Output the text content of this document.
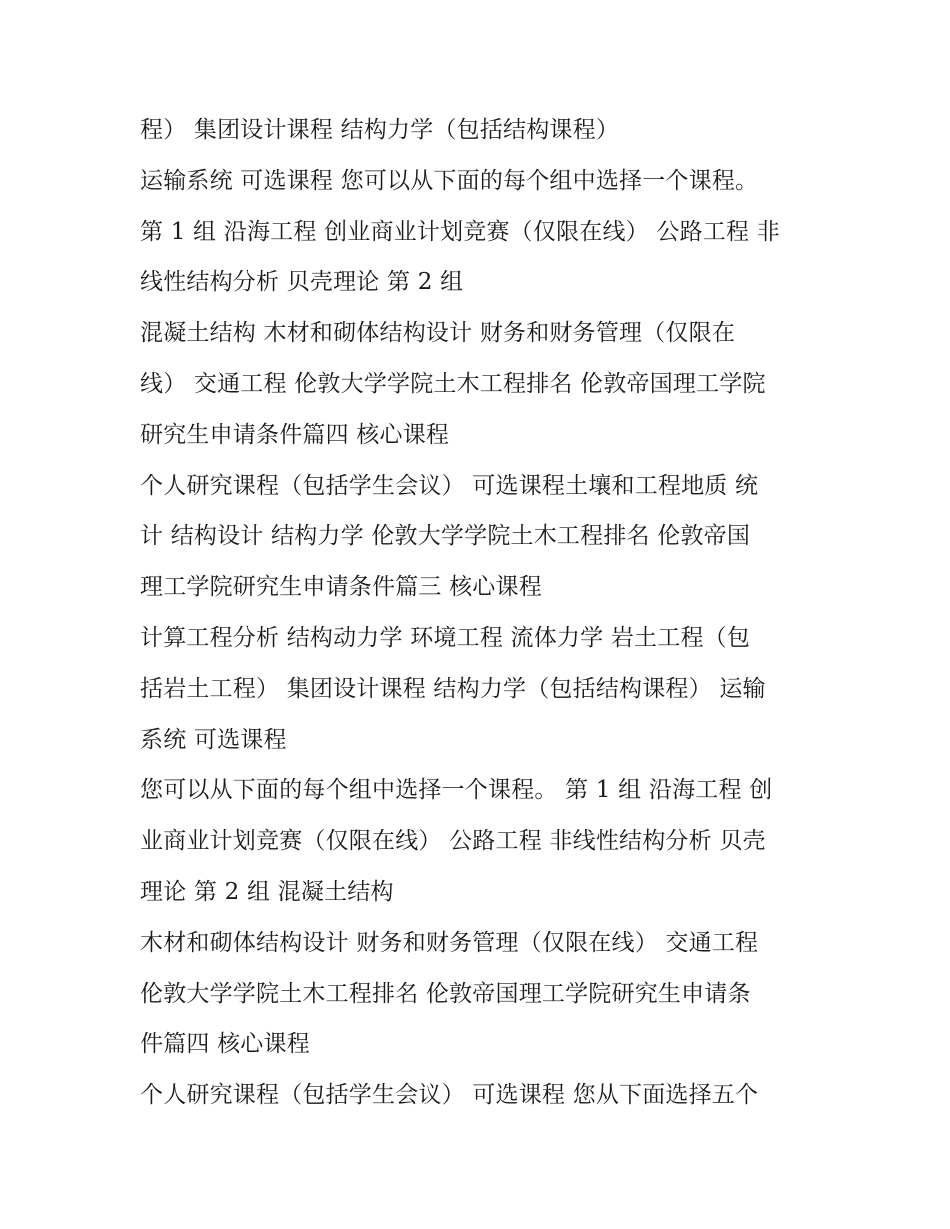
程） 集团设计课程 结构力学（包括结构课程）
运输系统 可选课程 您可以从下面的每个组中选择一个课程。
第 1 组 沿海工程 创业商业计划竞赛（仅限在线） 公路工程 非
线性结构分析 贝壳理论 第 2 组
混凝土结构 木材和砌体结构设计 财务和财务管理（仅限在
线） 交通工程 伦敦大学学院土木工程排名 伦敦帝国理工学院
研究生申请条件篇四 核心课程
个人研究课程（包括学生会议） 可选课程土壤和工程地质 统
计 结构设计 结构力学 伦敦大学学院土木工程排名 伦敦帝国
理工学院研究生申请条件篇三 核心课程
计算工程分析 结构动力学 环境工程 流体力学 岩土工程（包
括岩土工程） 集团设计课程 结构力学（包括结构课程） 运输
系统 可选课程
您可以从下面的每个组中选择一个课程。 第 1 组 沿海工程 创
业商业计划竞赛（仅限在线） 公路工程 非线性结构分析 贝壳
理论 第 2 组 混凝土结构
木材和砌体结构设计 财务和财务管理（仅限在线） 交通工程
伦敦大学学院土木工程排名 伦敦帝国理工学院研究生申请条
件篇四 核心课程
个人研究课程（包括学生会议） 可选课程 您从下面选择五个
